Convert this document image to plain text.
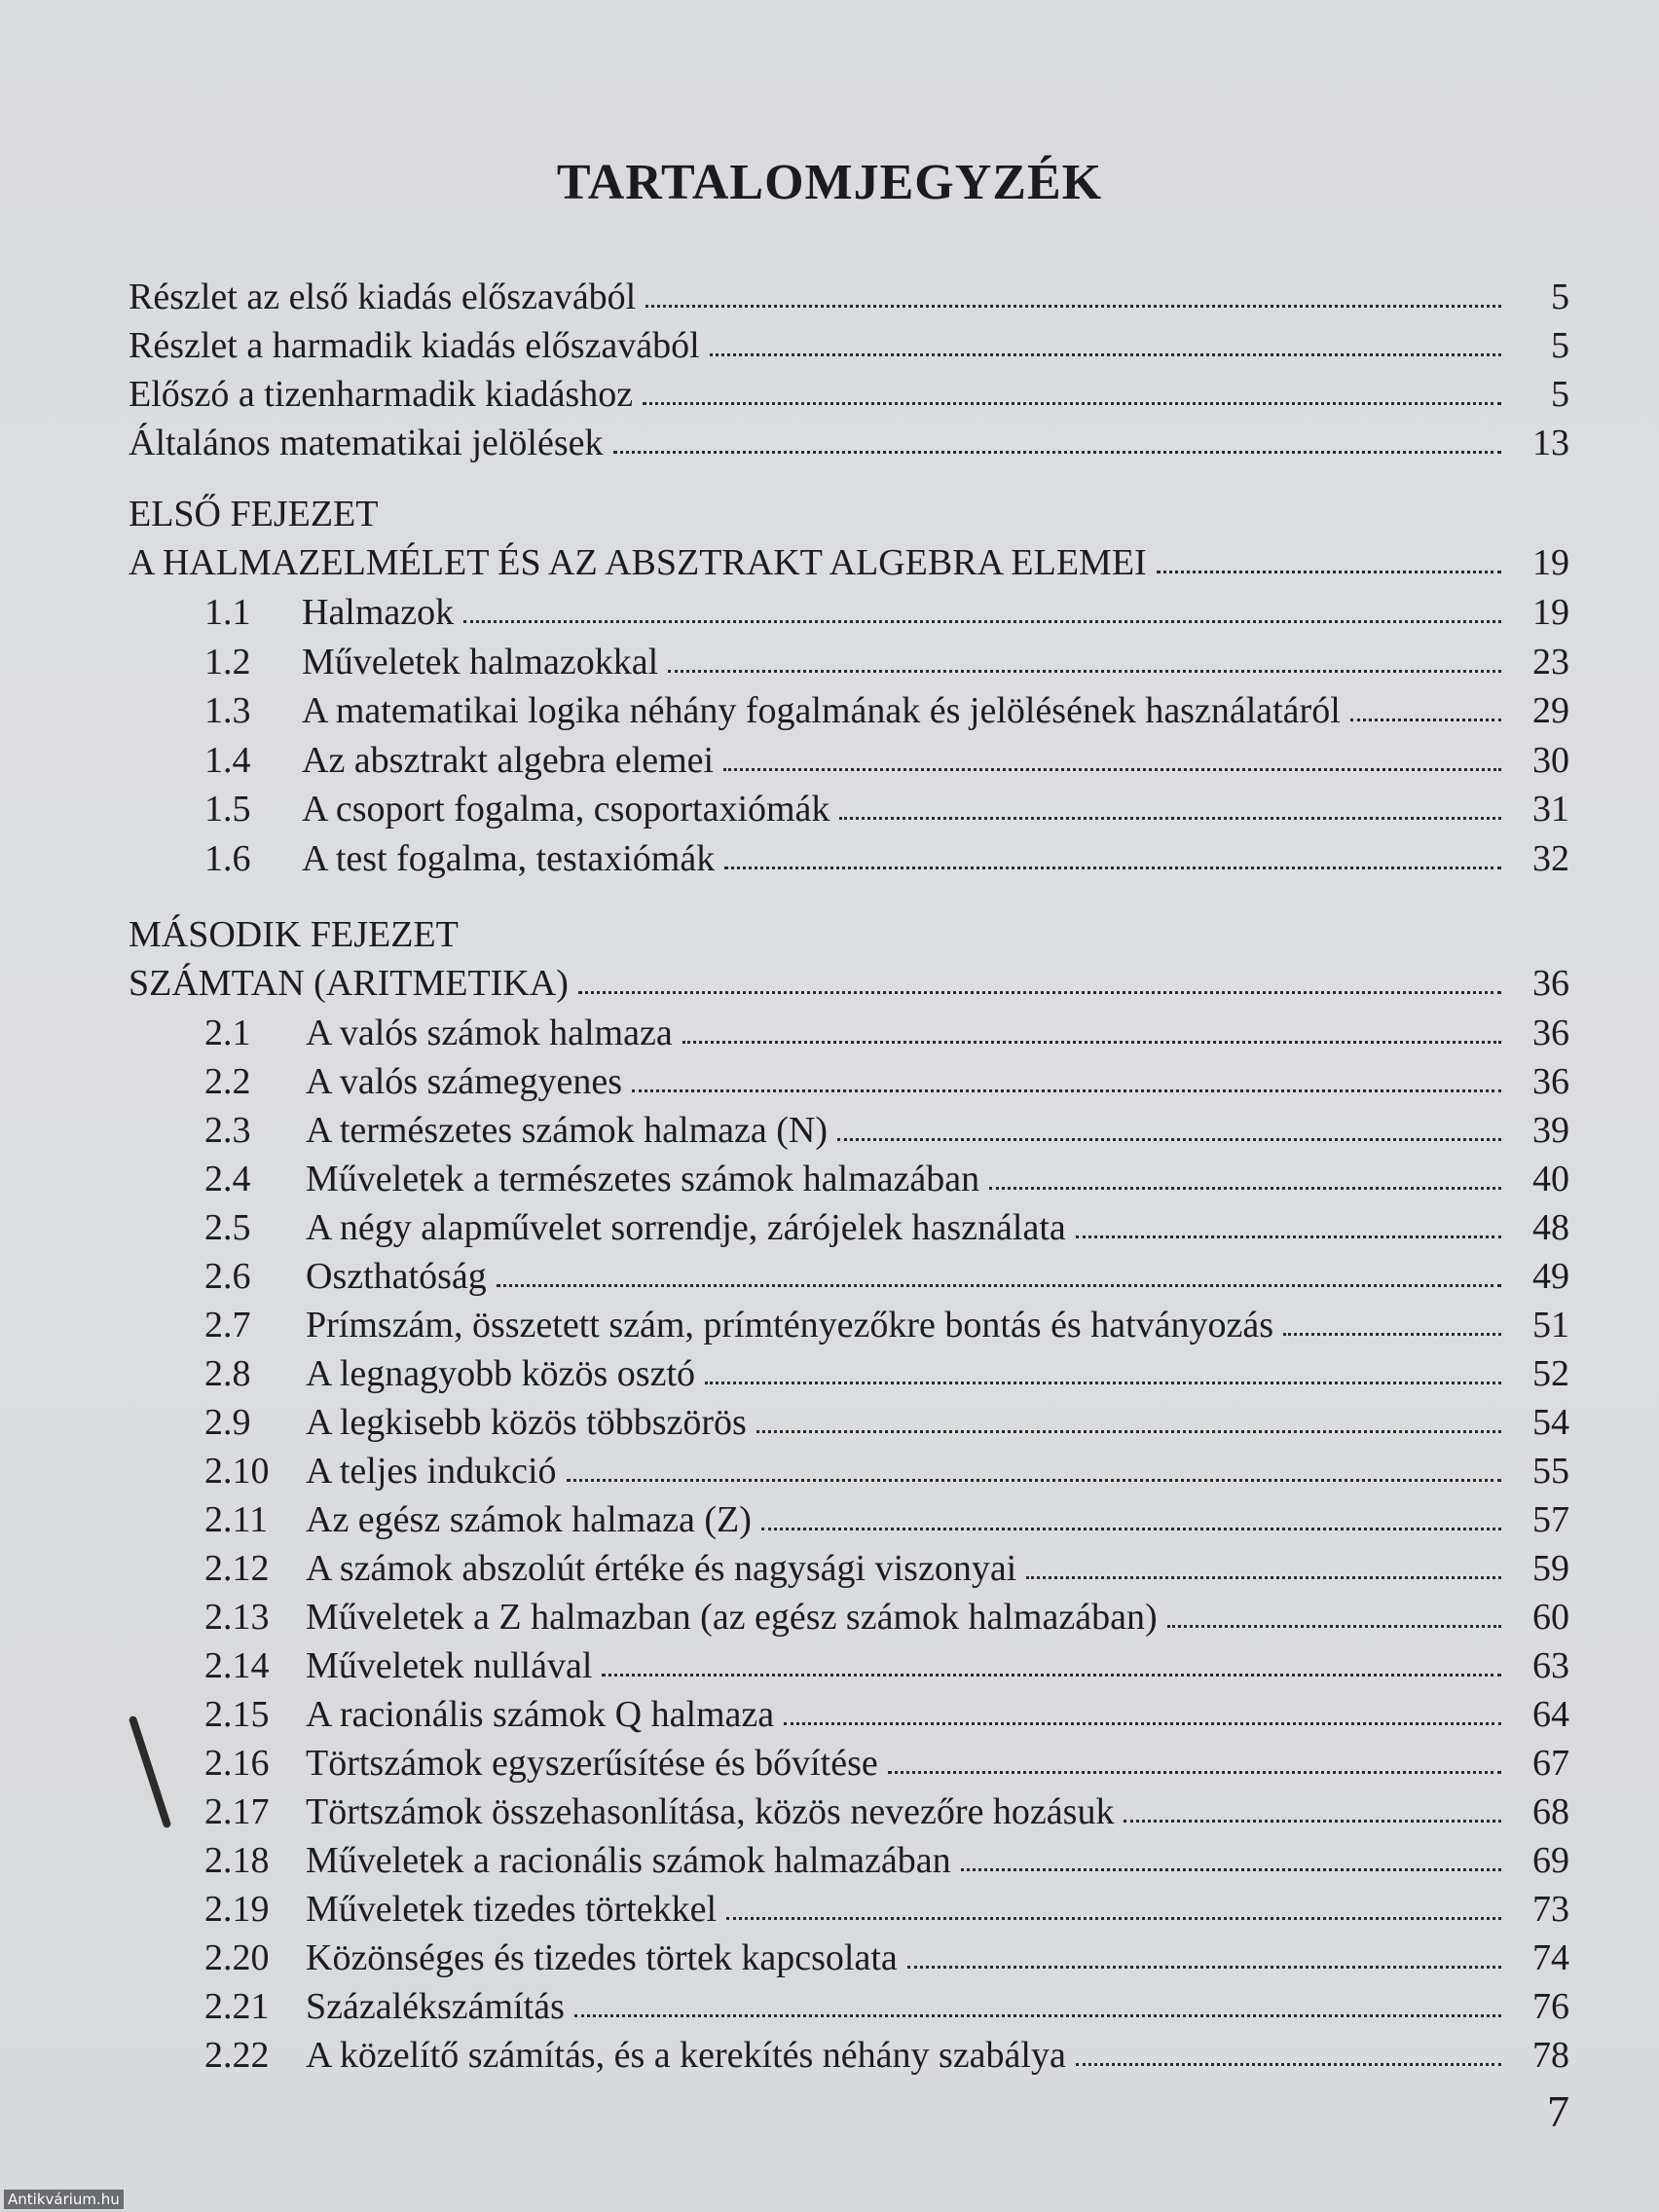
TARTALOMJEGYZÉK
Részlet az első kiadás előszavából	5
Részlet a harmadik kiadás előszavából	5
Előszó a tizenharmadik kiadáshoz	5
Általános matematikai jelölések	13
ELSŐ FEJEZET
A HALMAZELMÉLET ÉS AZ ABSZTRAKT ALGEBRA ELEMEI	19
1.1	Halmazok	19
1.2	Műveletek halmazokkal	23
1.3	A matematikai logika néhány fogalmának és jelölésének használatáról	29
1.4	Az absztrakt algebra elemei	30
1.5	A csoport fogalma, csoportaxiómák	31
1.6	A test fogalma, testaxiómák	32
MÁSODIK FEJEZET
SZÁMTAN (ARITMETIKA)	36
2.1	A valós számok halmaza	36
2.2	A valós számegyenes	36
2.3	A természetes számok halmaza (N)	39
2.4	Műveletek a természetes számok halmazában	40
2.5	A négy alapművelet sorrendje, zárójelek használata	48
2.6	Oszthatóság	49
2.7	Prímszám, összetett szám, prímtényezőkre bontás és hatványozás	51
2.8	A legnagyobb közös osztó	52
2.9	A legkisebb közös többszörös	54
2.10 A teljes indukció	55
2.11	Az egész számok halmaza (Z)	57
2.12 A számok abszolút értéke és nagysági viszonyai	59
2.13 Műveletek a Z halmazban (az egész számok halmazában)	60
2.14 Műveletek nullával	63
2.15 A racionális számok Q halmaza	64
2.16 Törtszámok egyszerűsítése és bővítése	67
2.17 Törtszámok összehasonlítása, közös nevezőre hozásuk	68
2.18 Műveletek a racionális számok halmazában	69
2.19 Műveletek tizedes törtekkel	73
2.20 Közönséges és tizedes törtek kapcsolata	74
2.21 Százalékszámítás	76
2.22 A közelítő számítás, és a kerekítés néhány szabálya	78
7
Antikvárium.hu
